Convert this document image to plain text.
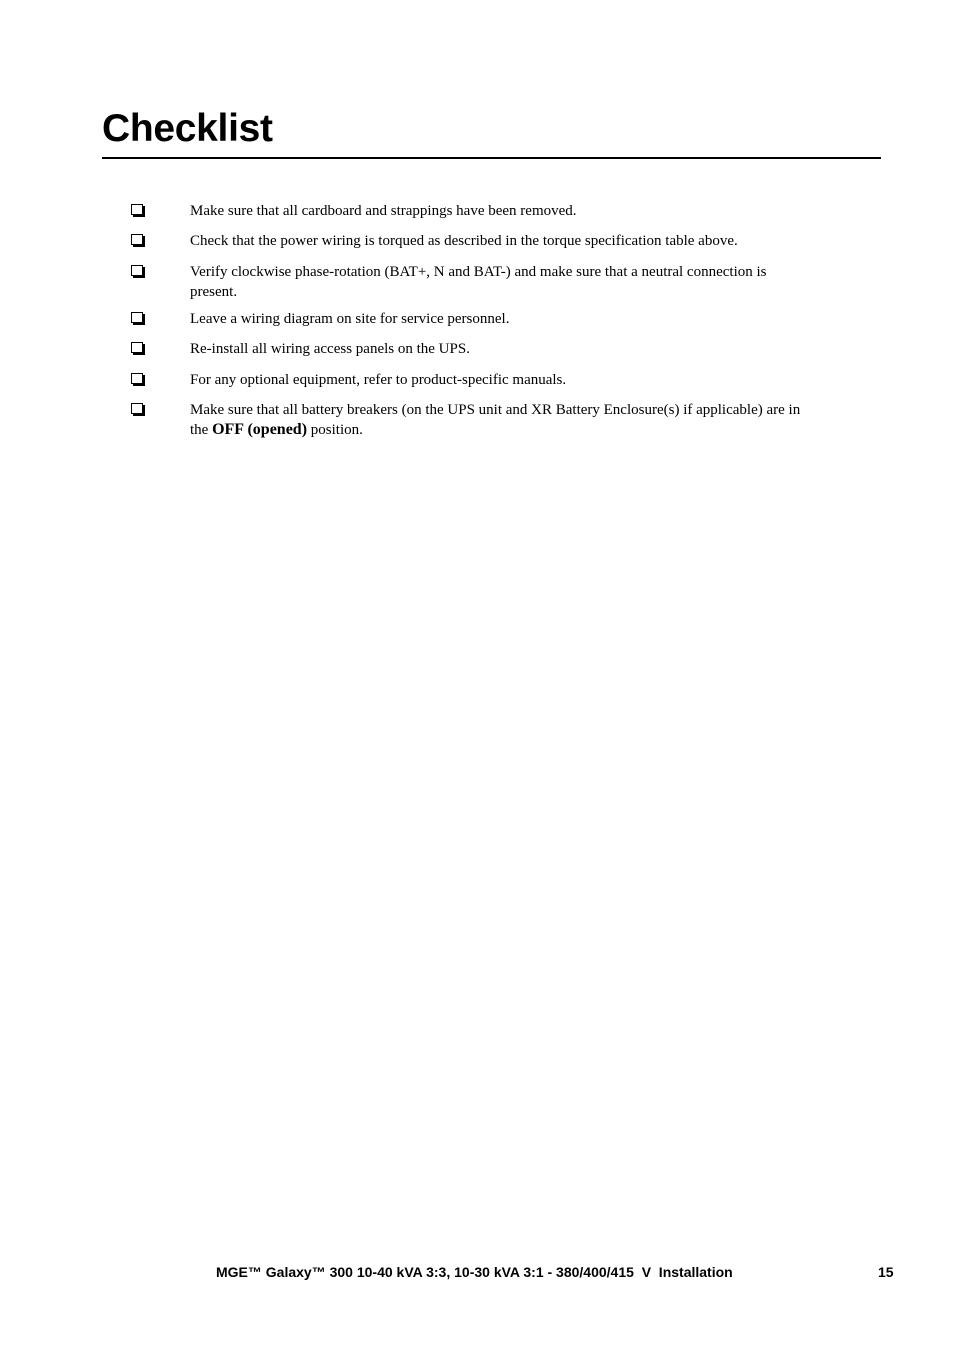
Checklist

Make sure that all cardboard and strappings have been removed.

Check that the power wiring is torqued as described in the torque specification table above.

Verify clockwise phase-rotation (BAT+, N and BAT-) and make sure that a neutral connection is present.

Leave a wiring diagram on site for service personnel.

Re-install all wiring access panels on the UPS.

For any optional equipment, refer to product-specific manuals.

Make sure that all battery breakers (on the UPS unit and XR Battery Enclosure(s) if applicable) are in the OFF (opened) position.

MGE™ Galaxy™ 300 10-40 kVA 3:3, 10-30 kVA 3:1 - 380/400/415  V  Installation	15
